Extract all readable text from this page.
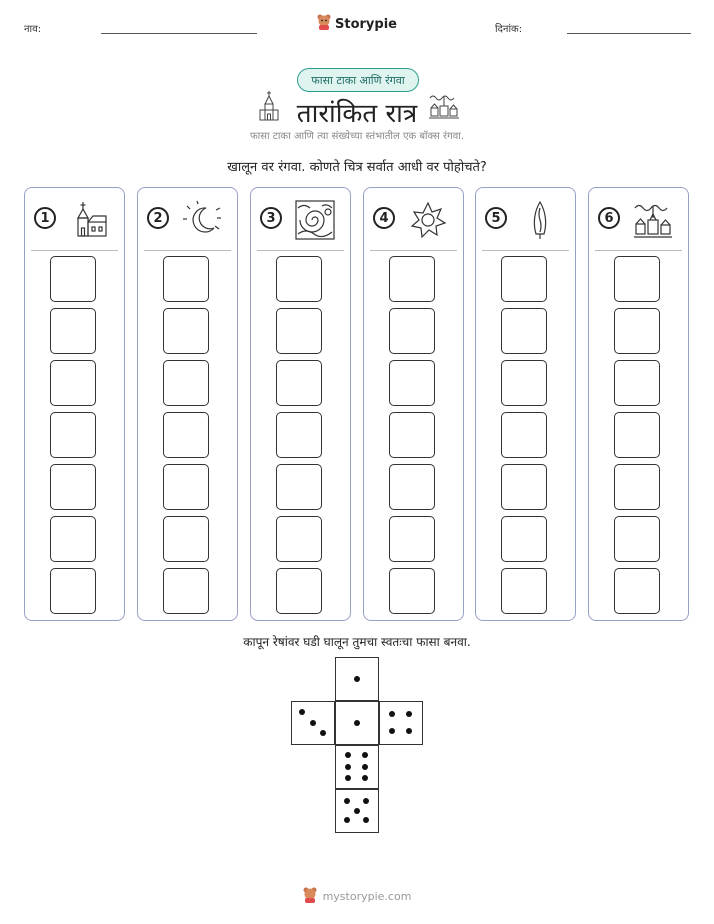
नाव:	Storypie	दिनांक:
फासा टाका आणि रंगवा
तारांकित रात्र
फासा टाका आणि त्या संख्येच्या स्तंभातील एक बॉक्स रंगवा.
खालून वर रंगवा. कोणते चित्र सर्वात आधी वर पोहोचते?
1	2	3	4	5	6
कापून रेषांवर घडी घालून तुमचा स्वतःचा फासा बनवा.
mystorypie.com
